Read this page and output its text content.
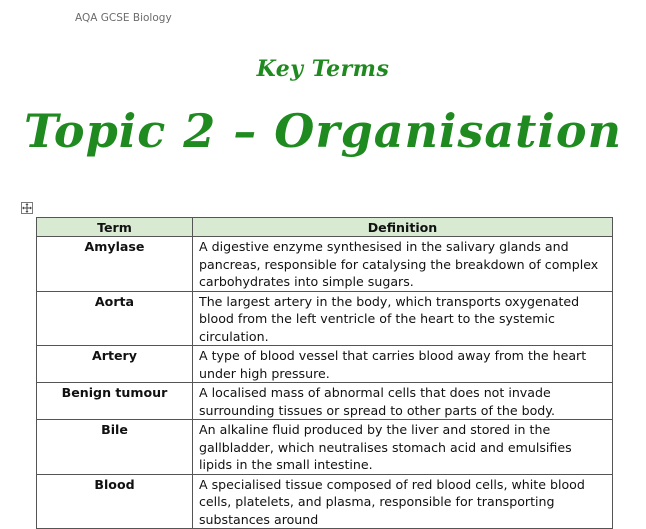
AQA GCSE Biology
Key Terms
Topic 2 – Organisation
Term	Definition
Amylase	A digestive enzyme synthesised in the salivary glands and pancreas, responsible for catalysing the breakdown of complex carbohydrates into simple sugars.
Aorta	The largest artery in the body, which transports oxygenated blood from the left ventricle of the heart to the systemic circulation.
Artery	A type of blood vessel that carries blood away from the heart under high pressure.
Benign tumour	A localised mass of abnormal cells that does not invade surrounding tissues or spread to other parts of the body.
Bile	An alkaline fluid produced by the liver and stored in the gallbladder, which neutralises stomach acid and emulsifies lipids in the small intestine.
Blood	A specialised tissue composed of red blood cells, white blood cells, platelets, and plasma, responsible for transporting substances around
